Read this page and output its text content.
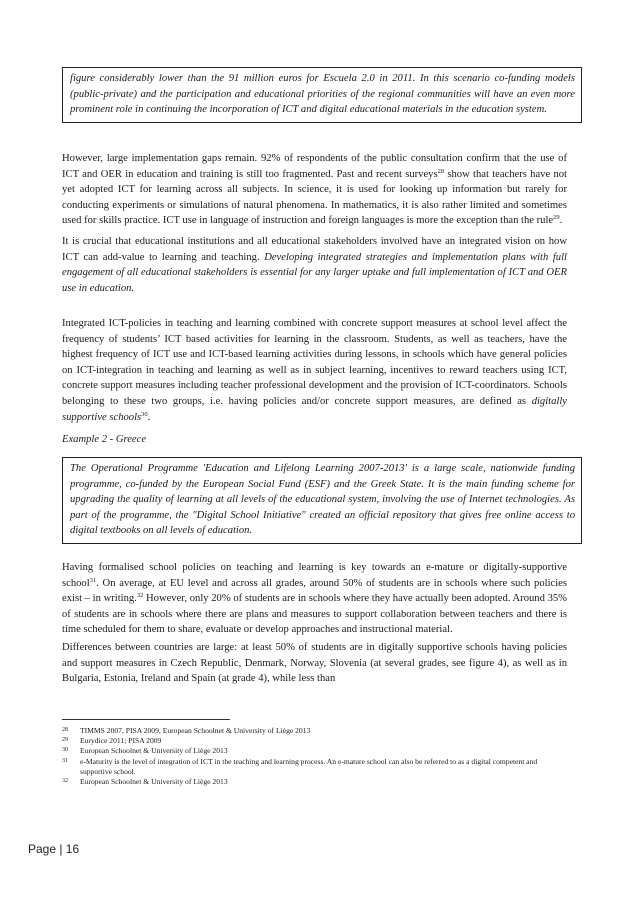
figure considerably lower than the 91 million euros for Escuela 2.0 in 2011. In this scenario co-funding models (public-private) and the participation and educational priorities of the regional communities will have an even more prominent role in continuing the incorporation of ICT and digital educational materials in the education system.

However, large implementation gaps remain. 92% of respondents of the public consultation confirm that the use of ICT and OER in education and training is still too fragmented. Past and recent surveys$^{28}$ show that teachers have not yet adopted ICT for learning across all subjects. In science, it is used for looking up information but rarely for conducting experiments or simulations of natural phenomena. In mathematics, it is also rather limited and sometimes used for skills practice. ICT use in language of instruction and foreign languages is more the exception than the rule$^{29}$.

It is crucial that educational institutions and all educational stakeholders involved have an integrated vision on how ICT can add-value to learning and teaching. Developing integrated strategies and implementation plans with full engagement of all educational stakeholders is essential for any larger uptake and full implementation of ICT and OER use in education.

Integrated ICT-policies in teaching and learning combined with concrete support measures at school level affect the frequency of students’ ICT based activities for learning in the classroom. Students, as well as teachers, have the highest frequency of ICT use and ICT-based learning activities during lessons, in schools which have general policies on ICT-integration in teaching and learning as well as in subject learning, incentives to reward teachers using ICT, concrete support measures including teacher professional development and the provision of ICT-coordinators. Schools belonging to these two groups, i.e. having policies and/or concrete support measures, are defined as digitally supportive schools$^{30}$.

Example 2 - Greece

The Operational Programme 'Education and Lifelong Learning 2007-2013' is a large scale, nationwide funding programme, co-funded by the European Social Fund (ESF) and the Greek State. It is the main funding scheme for upgrading the quality of learning at all levels of the educational system, involving the use of Internet technologies. As part of the programme, the "Digital School Initiative" created an official repository that gives free online access to digital textbooks on all levels of education.

Having formalised school policies on teaching and learning is key towards an e-mature or digitally-supportive school$^{31}$. On average, at EU level and across all grades, around 50% of students are in schools where such policies exist – in writing.$^{32}$ However, only 20% of students are in schools where they have actually been adopted. Around 35% of students are in schools where there are plans and measures to support collaboration between teachers and there is time scheduled for them to share, evaluate or develop approaches and instructional material.

Differences between countries are large: at least 50% of students are in digitally supportive schools having policies and support measures in Czech Republic, Denmark, Norway, Slovenia (at several grades, see figure 4), as well as in Bulgaria, Estonia, Ireland and Spain (at grade 4), while less than

28 TIMMS 2007, PISA 2009, European Schoolnet & University of Liège 2013
29 Eurydice 2011; PISA 2009
30 European Schoolnet & University of Liège 2013
31 e-Maturity is the level of integration of ICT in the teaching and learning process. An e-mature school can also be referred to as a digital competent and supportive school.
32 European Schoolnet & University of Liège 2013
Page | 16
